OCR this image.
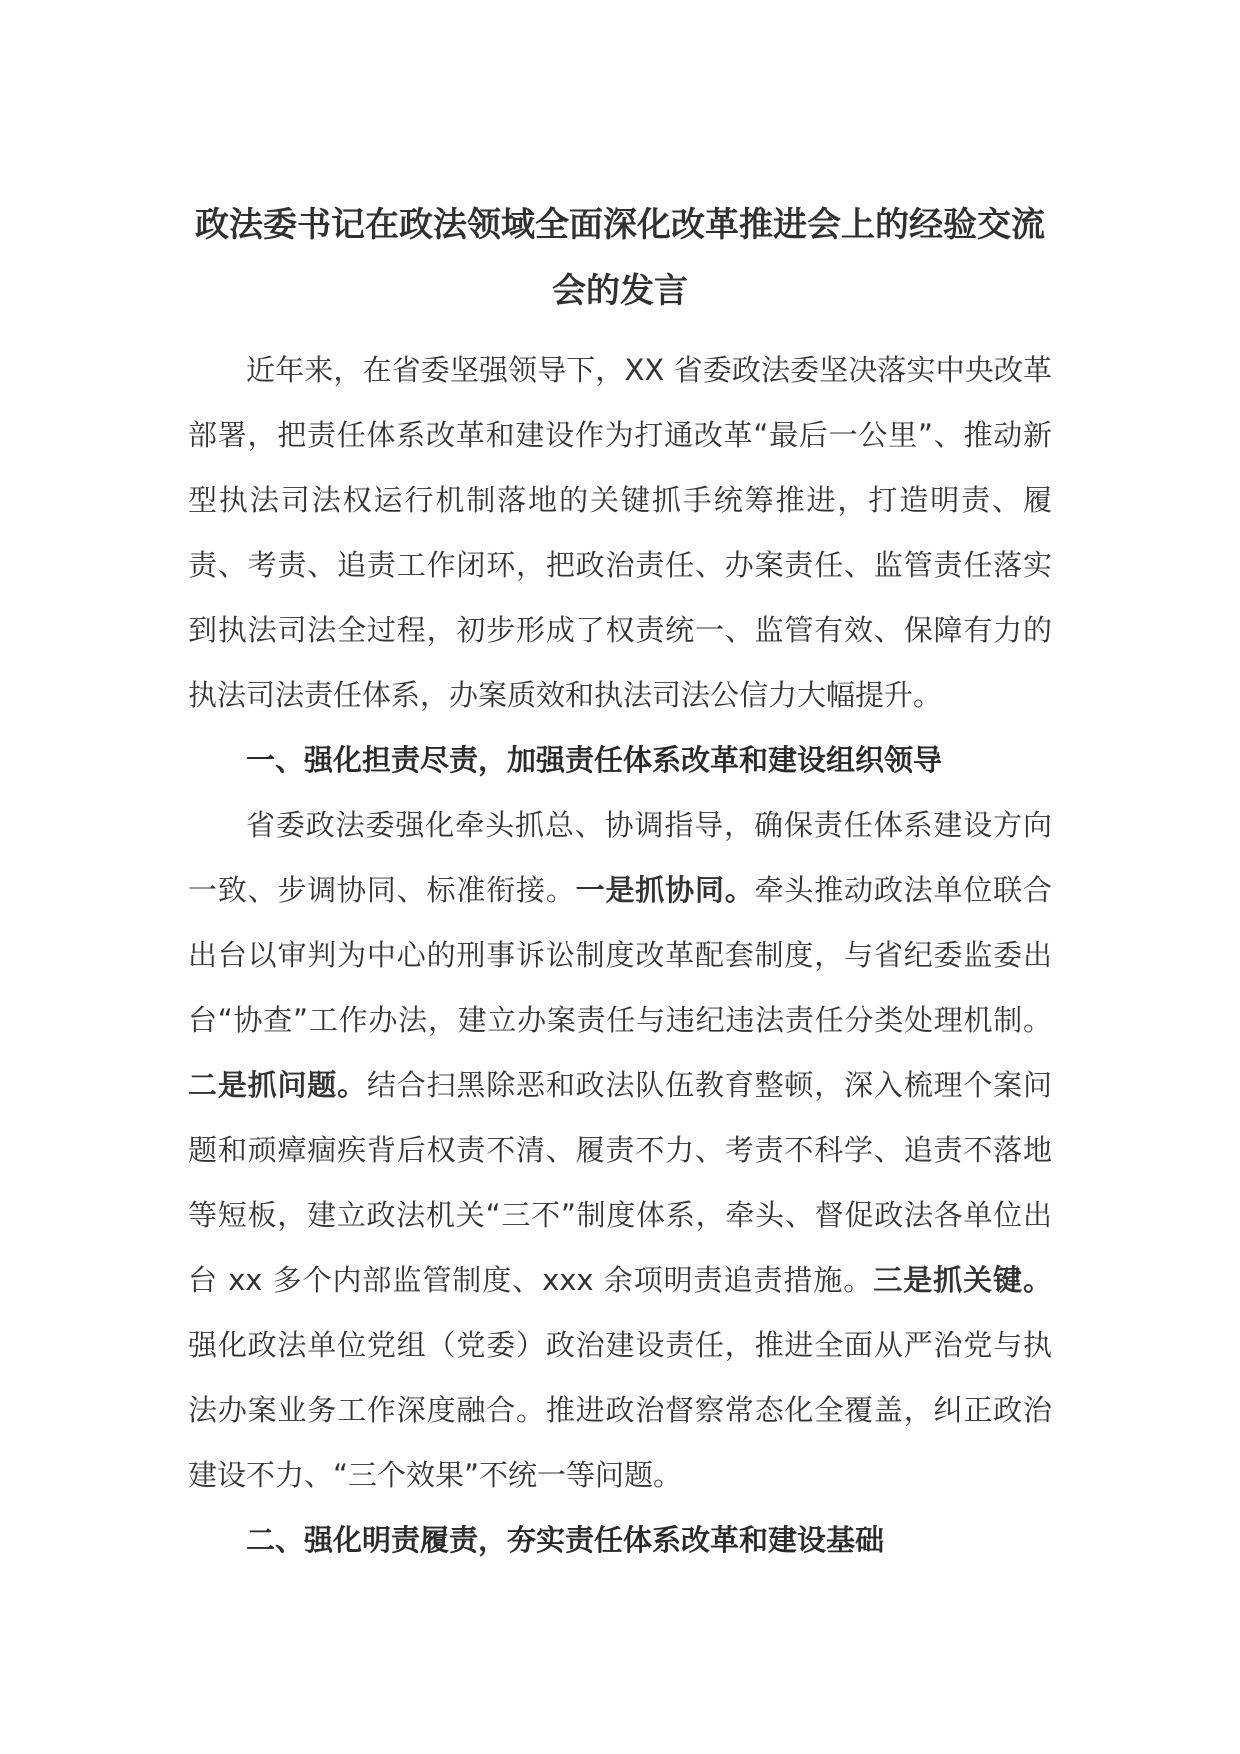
政法委书记在政法领域全面深化改革推进会上的经验交流
会的发言

近年来，在省委坚强领导下，XX 省委政法委坚决落实中央改革部署，把责任体系改革和建设作为打通改革“最后一公里”、推动新型执法司法权运行机制落地的关键抓手统筹推进，打造明责、履责、考责、追责工作闭环，把政治责任、办案责任、监管责任落实到执法司法全过程，初步形成了权责统一、监管有效、保障有力的执法司法责任体系，办案质效和执法司法公信力大幅提升。

一、强化担责尽责，加强责任体系改革和建设组织领导

省委政法委强化牵头抓总、协调指导，确保责任体系建设方向一致、步调协同、标准衔接。一是抓协同。牵头推动政法单位联合出台以审判为中心的刑事诉讼制度改革配套制度，与省纪委监委出台“协查”工作办法，建立办案责任与违纪违法责任分类处理机制。二是抓问题。结合扫黑除恶和政法队伍教育整顿，深入梳理个案问题和顽瘴痼疾背后权责不清、履责不力、考责不科学、追责不落地等短板，建立政法机关“三不”制度体系，牵头、督促政法各单位出台 xx 多个内部监管制度、xxx 余项明责追责措施。三是抓关键。强化政法单位党组（党委）政治建设责任，推进全面从严治党与执法办案业务工作深度融合。推进政治督察常态化全覆盖，纠正政治建设不力、“三个效果”不统一等问题。

二、强化明责履责，夯实责任体系改革和建设基础
